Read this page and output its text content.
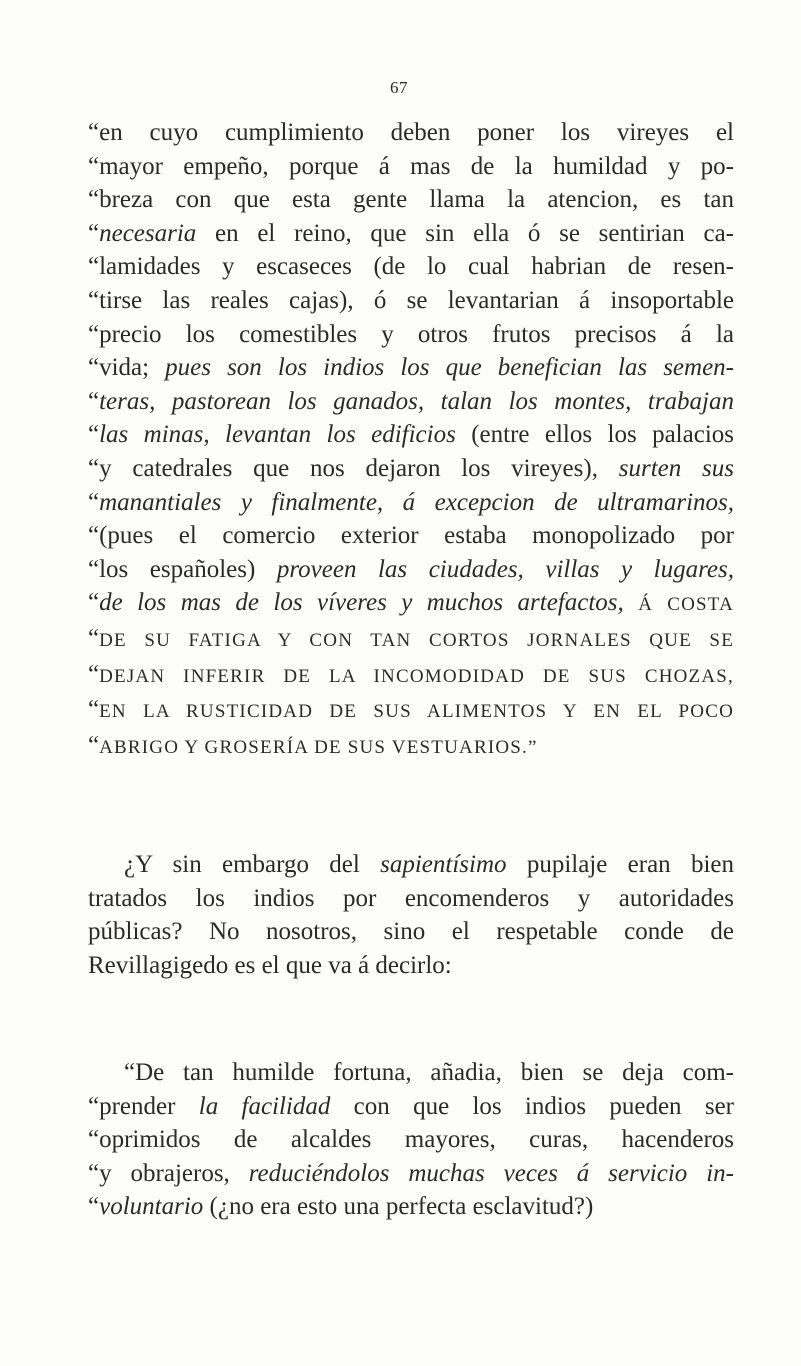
67
“en cuyo cumplimiento deben poner los vireyes el
“mayor empeño, porque á mas de la humildad y po-
“breza con que esta gente llama la atencion, es tan
“necesaria en el reino, que sin ella ó se sentirian ca-
“lamidades y escaseces (de lo cual habrian de resen-
“tirse las reales cajas), ó se levantarian á insoportable
“precio los comestibles y otros frutos precisos á la
“vida; pues son los indios los que benefician las semen-
“teras, pastorean los ganados, talan los montes, trabajan
“las minas, levantan los edificios (entre ellos los palacios
“y catedrales que nos dejaron los vireyes), surten sus
“manantiales y finalmente, á excepcion de ultramarinos,
“(pues el comercio exterior estaba monopolizado por
“los españoles) proveen las ciudades, villas y lugares,
“de los mas de los víveres y muchos artefactos, Á COSTA
“DE SU FATIGA Y CON TAN CORTOS JORNALES QUE SE
“DEJAN INFERIR DE LA INCOMODIDAD DE SUS CHOZAS,
“EN LA RUSTICIDAD DE SUS ALIMENTOS Y EN EL POCO
“ABRIGO Y GROSERÍA DE SUS VESTUARIOS.”
¿Y sin embargo del sapientísimo pupilaje eran bien
tratados los indios por encomenderos y autoridades
públicas? No nosotros, sino el respetable conde de
Revillagigedo es el que va á decirlo:
“De tan humilde fortuna, añadia, bien se deja com-
“prender la facilidad con que los indios pueden ser
“oprimidos de alcaldes mayores, curas, hacenderos
“y obrajeros, reduciéndolos muchas veces á servicio in-
“voluntario (¿no era esto una perfecta esclavitud?)
